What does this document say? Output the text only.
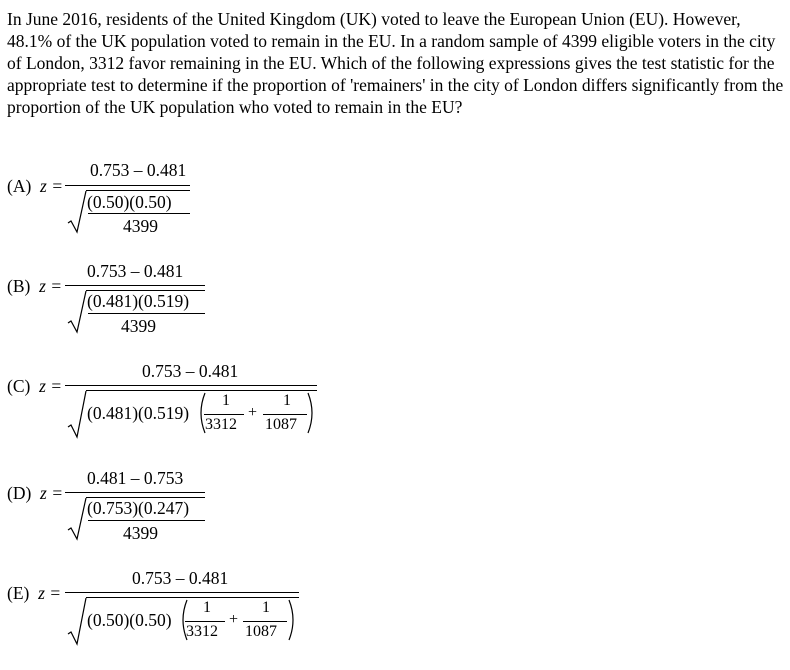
In June 2016, residents of the United Kingdom (UK) voted to leave the European Union (EU). However, 48.1% of the UK population voted to remain in the EU. In a random sample of 4399 eligible voters in the city of London, 3312 favor remaining in the EU. Which of the following expressions gives the test statistic for the appropriate test to determine if the proportion of 'remainers' in the city of London differs significantly from the proportion of the UK population who voted to remain in the EU?
(A) z =
0.753 – 0.481
(0.50)(0.50)
4399
(B) z =
0.753 – 0.481
(0.481)(0.519)
4399
(C) z =
0.753 – 0.481
(0.481)(0.519)
1
3312
+
1
1087
(D) z =
0.481 – 0.753
(0.753)(0.247)
4399
(E) z =
0.753 – 0.481
(0.50)(0.50)
1
3312
+
1
1087
